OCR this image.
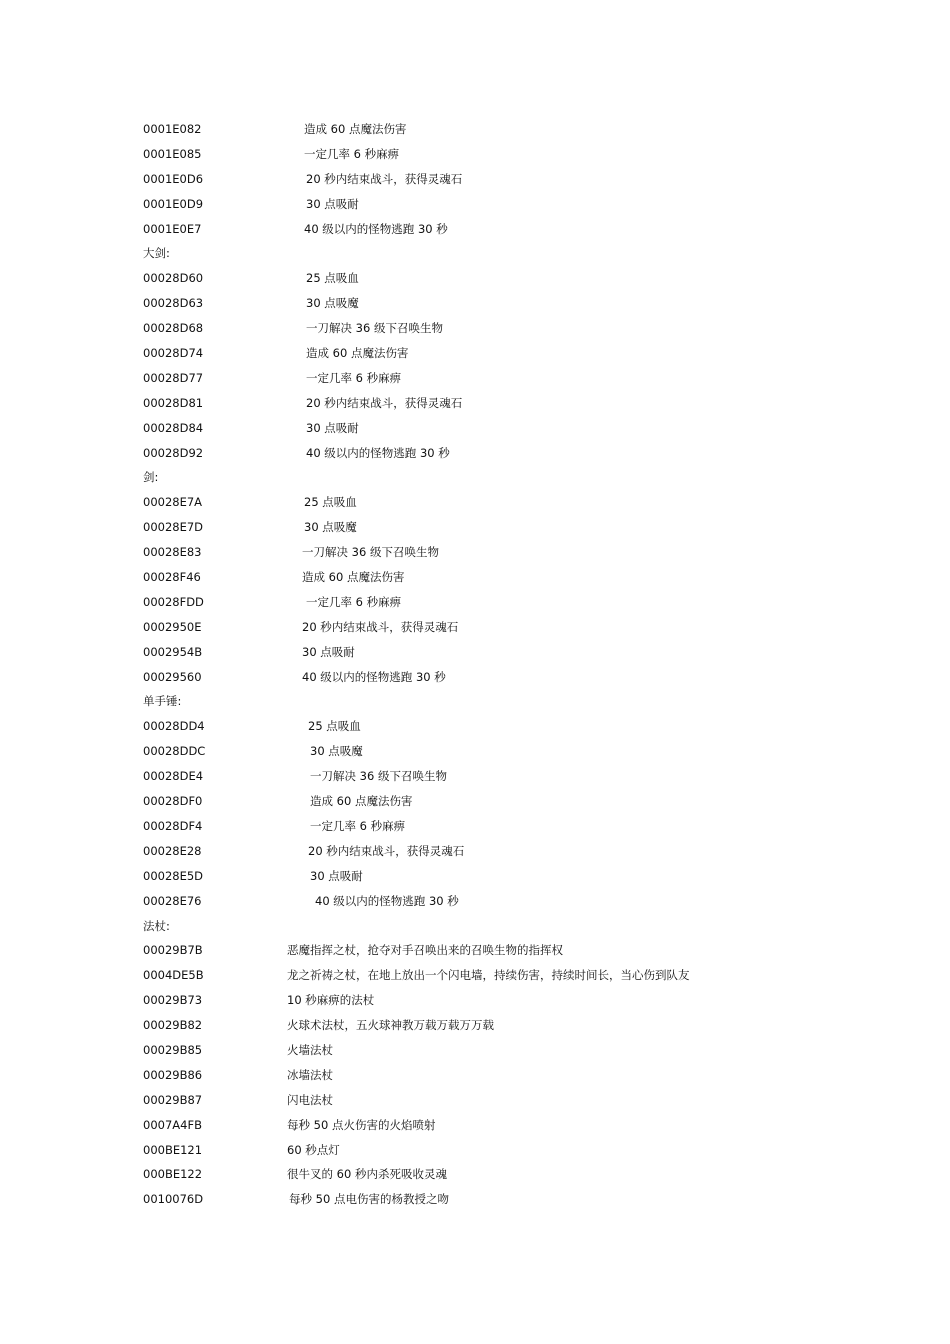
0001E082	造成 60 点魔法伤害
0001E085	一定几率 6 秒麻痹
0001E0D6	20 秒内结束战斗，获得灵魂石
0001E0D9	30 点吸耐
0001E0E7	40 级以内的怪物逃跑 30 秒
大剑:
00028D60	25 点吸血
00028D63	30 点吸魔
00028D68	一刀解决 36 级下召唤生物
00028D74	造成 60 点魔法伤害
00028D77	一定几率 6 秒麻痹
00028D81	20 秒内结束战斗，获得灵魂石
00028D84	30 点吸耐
00028D92	40 级以内的怪物逃跑 30 秒
剑:
00028E7A	25 点吸血
00028E7D	30 点吸魔
00028E83	一刀解决 36 级下召唤生物
00028F46	造成 60 点魔法伤害
00028FDD	一定几率 6 秒麻痹
0002950E	20 秒内结束战斗，获得灵魂石
0002954B	30 点吸耐
00029560	40 级以内的怪物逃跑 30 秒
单手锤:
00028DD4	25 点吸血
00028DDC	30 点吸魔
00028DE4	一刀解决 36 级下召唤生物
00028DF0	造成 60 点魔法伤害
00028DF4	一定几率 6 秒麻痹
00028E28	20 秒内结束战斗，获得灵魂石
00028E5D	30 点吸耐
00028E76	40 级以内的怪物逃跑 30 秒
法杖:
00029B7B	恶魔指挥之杖，抢夺对手召唤出来的召唤生物的指挥权
0004DE5B	龙之祈祷之杖，在地上放出一个闪电墙，持续伤害，持续时间长，当心伤到队友
00029B73	10 秒麻痹的法杖
00029B82	火球术法杖，五火球神教万载万载万万载
00029B85	火墙法杖
00029B86	冰墙法杖
00029B87	闪电法杖
0007A4FB	每秒 50 点火伤害的火焰喷射
000BE121	60 秒点灯
000BE122	很牛叉的 60 秒内杀死吸收灵魂
0010076D	每秒 50 点电伤害的杨教授之吻
